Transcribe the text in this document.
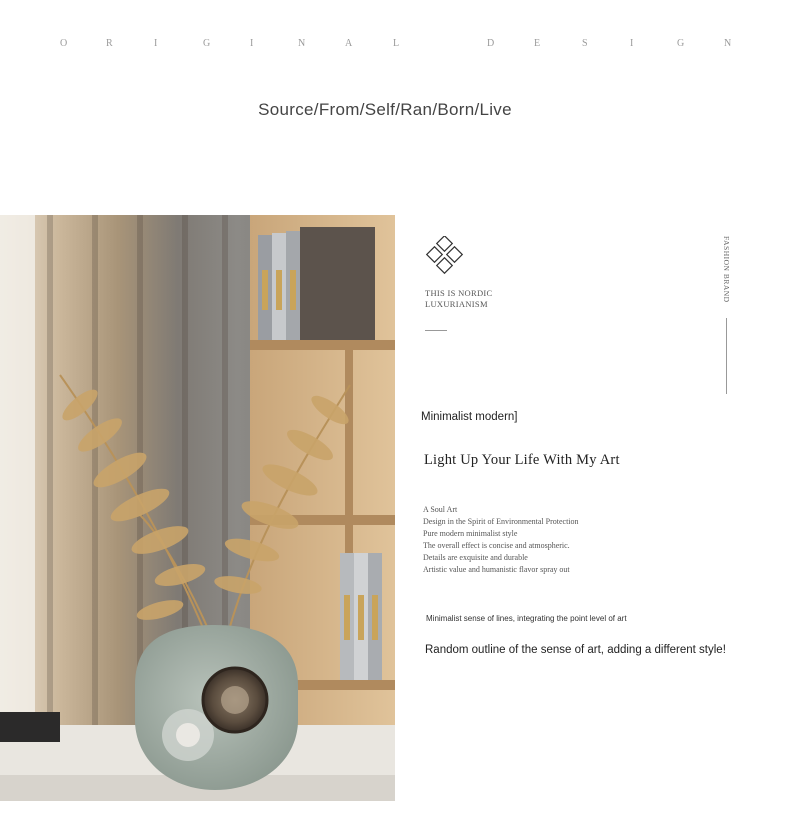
O	R	I	G	I	N	A	L	D	E	S	I	G	N
Source/From/Self/Ran/Born/Live
THIS IS NORDIC
LUXURIANISM
FASHION BRAND
Minimalist modern]
Light Up Your Life With My Art
A Soul Art
Design in the Spirit of Environmental Protection
Pure modern minimalist style
The overall effect is concise and atmospheric.
Details are exquisite and durable
Artistic value and humanistic flavor spray out
Minimalist sense of lines, integrating the point level of art
Random outline of the sense of art, adding a different style!
